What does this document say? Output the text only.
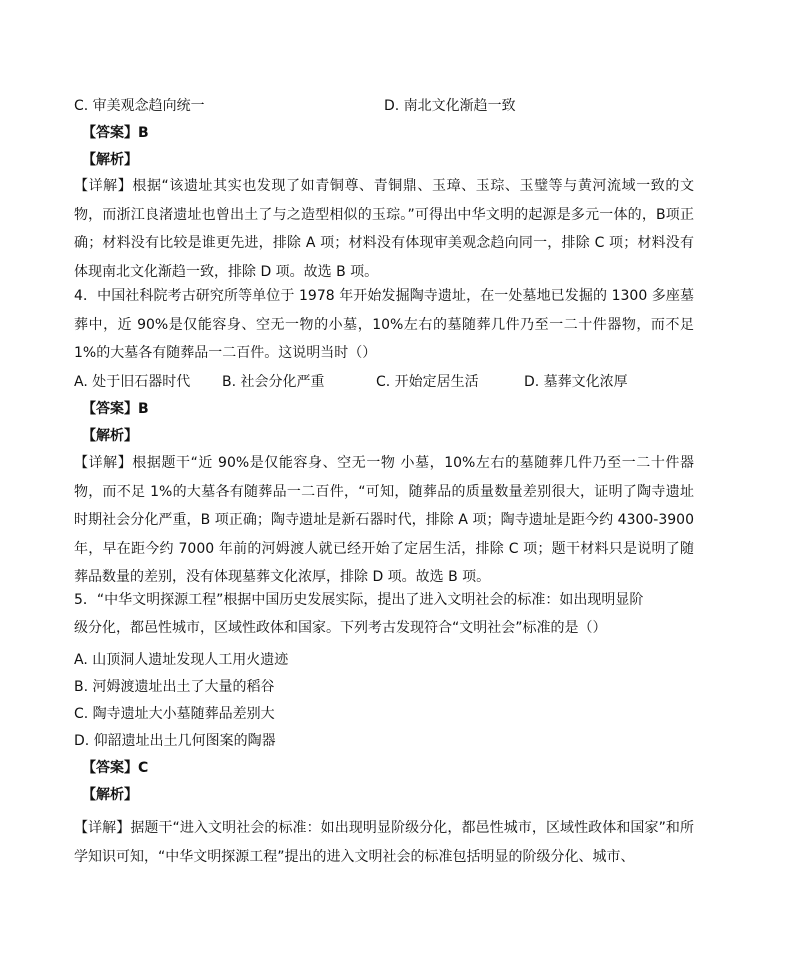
C. 审美观念趋向统一	D. 南北文化渐趋一致
【答案】B
【解析】
【详解】根据“该遗址其实也发现了如青铜尊、青铜鼎、玉璋、玉琮、玉璧等与黄河流域一致的文物，而浙江良渚遗址也曾出土了与之造型相似的玉琮。”可得出中华文明的起源是多元一体的，B项正确；材料没有比较是谁更先进，排除 A 项；材料没有体现审美观念趋向同一，排除 C 项；材料没有体现南北文化渐趋一致，排除 D 项。故选 B 项。
4．中国社科院考古研究所等单位于 1978 年开始发掘陶寺遗址，在一处墓地已发掘的 1300 多座墓葬中，近 90%是仅能容身、空无一物的小墓，10%左右的墓随葬几件乃至一二十件器物，而不足 1%的大墓各有随葬品一二百件。这说明当时（）
A. 处于旧石器时代 B. 社会分化严重	C. 开始定居生活	D. 墓葬文化浓厚
【答案】B
【解析】
【详解】根据题干“近 90%是仅能容身、空无一物 小墓，10%左右的墓随葬几件乃至一二十件器物，而不足 1%的大墓各有随葬品一二百件，“可知，随葬品的质量数量差别很大，证明了陶寺遗址时期社会分化严重，B 项正确；陶寺遗址是新石器时代，排除 A 项；陶寺遗址是距今约 4300-3900 年，早在距今约 7000 年前的河姆渡人就已经开始了定居生活，排除 C 项；题干材料只是说明了随葬品数量的差别，没有体现墓葬文化浓厚，排除 D 项。故选 B 项。
5．“中华文明探源工程”根据中国历史发展实际，提出了进入文明社会的标准：如出现明显阶
级分化，都邑性城市，区域性政体和国家。下列考古发现符合“文明社会”标准的是（）
A. 山顶洞人遗址发现人工用火遗迹
B. 河姆渡遗址出土了大量的稻谷
C. 陶寺遗址大小墓随葬品差别大
D. 仰韶遗址出土几何图案的陶器
【答案】C
【解析】
【详解】据题干“进入文明社会的标准：如出现明显阶级分化，都邑性城市，区域性政体和国家”和所学知识可知，“中华文明探源工程”提出的进入文明社会的标准包括明显的阶级分化、城市、
